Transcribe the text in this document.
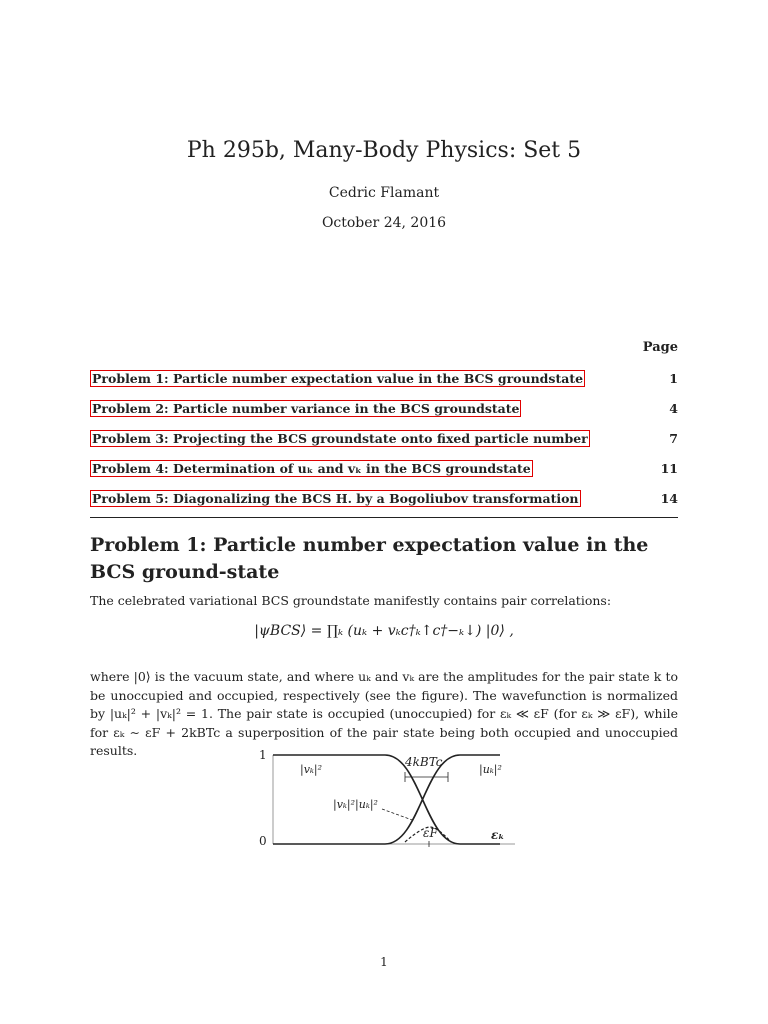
Ph 295b, Many-Body Physics: Set 5
Cedric Flamant
October 24, 2016
Page
Problem 1: Particle number expectation value in the BCS groundstate	1
Problem 2: Particle number variance in the BCS groundstate	4
Problem 3: Projecting the BCS groundstate onto fixed particle number	7
Problem 4: Determination of uₖ and vₖ in the BCS groundstate	11
Problem 5: Diagonalizing the BCS H. by a Bogoliubov transformation	14
Problem 1: Particle number expectation value in the BCS ground-state
The celebrated variational BCS groundstate manifestly contains pair correlations:
|ψBCS⟩ = ∏ₖ (uₖ + vₖc†ₖ↑c†−ₖ↓) |0⟩ ,
where |0⟩ is the vacuum state, and where uₖ and vₖ are the amplitudes for the pair state k to be unoccupied and occupied, respectively (see the figure). The wavefunction is normalized by |uₖ|² + |vₖ|² = 1. The pair state is occupied (unoccupied) for εₖ ≪ εF (for εₖ ≫ εF), while for εₖ ∼ εF + 2kBTc a superposition of the pair state being both occupied and unoccupied results.	1
0
|vₖ|²	|uₖ|²
4kBTc
|vₖ|²|uₖ|²
εF	εₖ
1
